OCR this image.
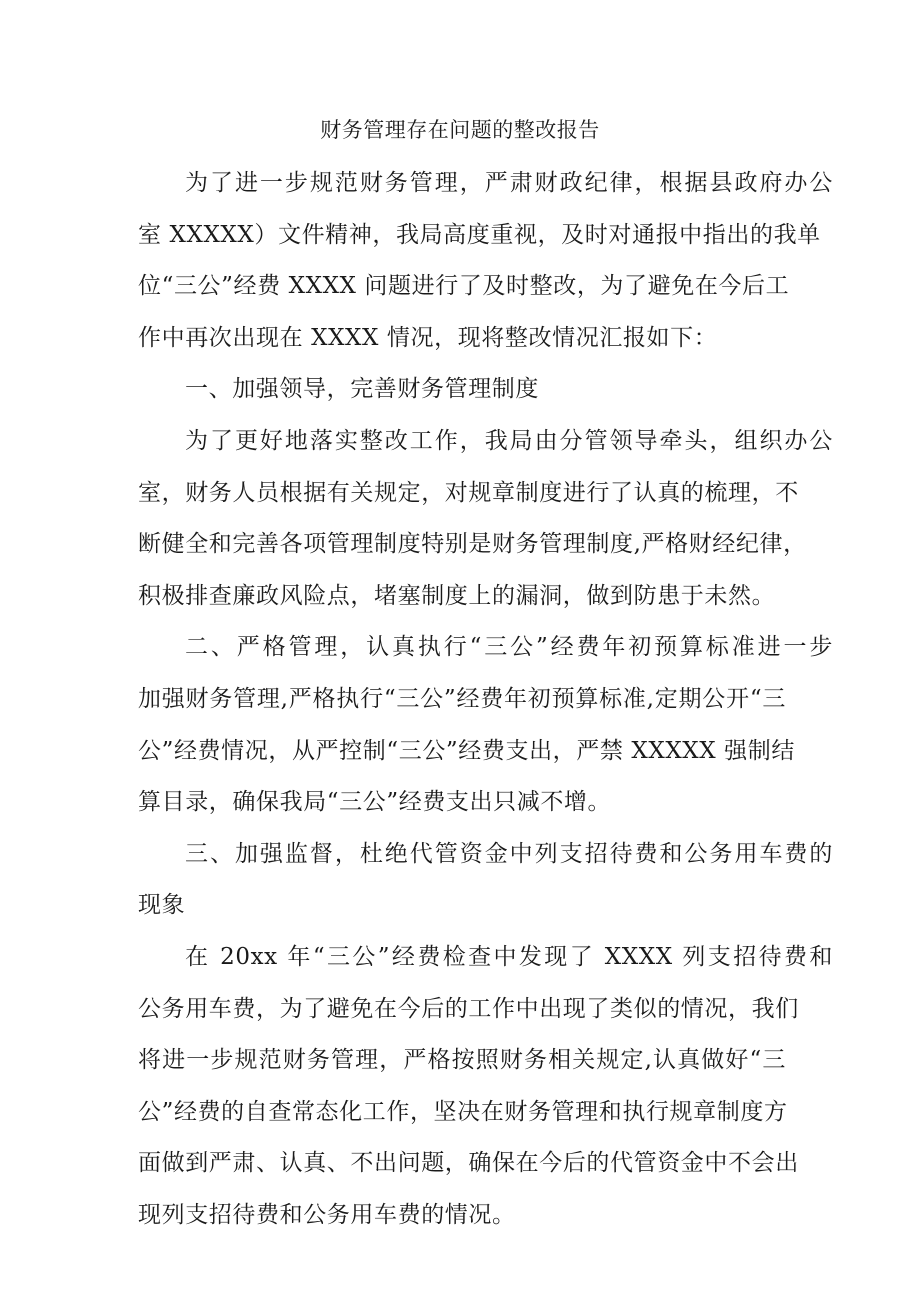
财务管理存在问题的整改报告
为了进一步规范财务管理，严肃财政纪律，根据县政府办公
室 XXXXX）文件精神，我局高度重视，及时对通报中指出的我单
位“三公”经费 XXXX 问题进行了及时整改，为了避免在今后工
作中再次出现在 XXXX 情况，现将整改情况汇报如下：
一、加强领导，完善财务管理制度
为了更好地落实整改工作，我局由分管领导牵头，组织办公
室，财务人员根据有关规定，对规章制度进行了认真的梳理，不
断健全和完善各项管理制度特别是财务管理制度,严格财经纪律，
积极排查廉政风险点，堵塞制度上的漏洞，做到防患于未然。
二、严格管理，认真执行“三公”经费年初预算标准进一步
加强财务管理,严格执行“三公”经费年初预算标准,定期公开“三
公”经费情况，从严控制“三公”经费支出，严禁 XXXXX 强制结
算目录，确保我局“三公”经费支出只减不增。
三、加强监督，杜绝代管资金中列支招待费和公务用车费的
现象
在 20xx 年“三公”经费检查中发现了 XXXX 列支招待费和
公务用车费，为了避免在今后的工作中出现了类似的情况，我们
将进一步规范财务管理，严格按照财务相关规定,认真做好“三
公”经费的自查常态化工作，坚决在财务管理和执行规章制度方
面做到严肃、认真、不出问题，确保在今后的代管资金中不会出
现列支招待费和公务用车费的情况。
